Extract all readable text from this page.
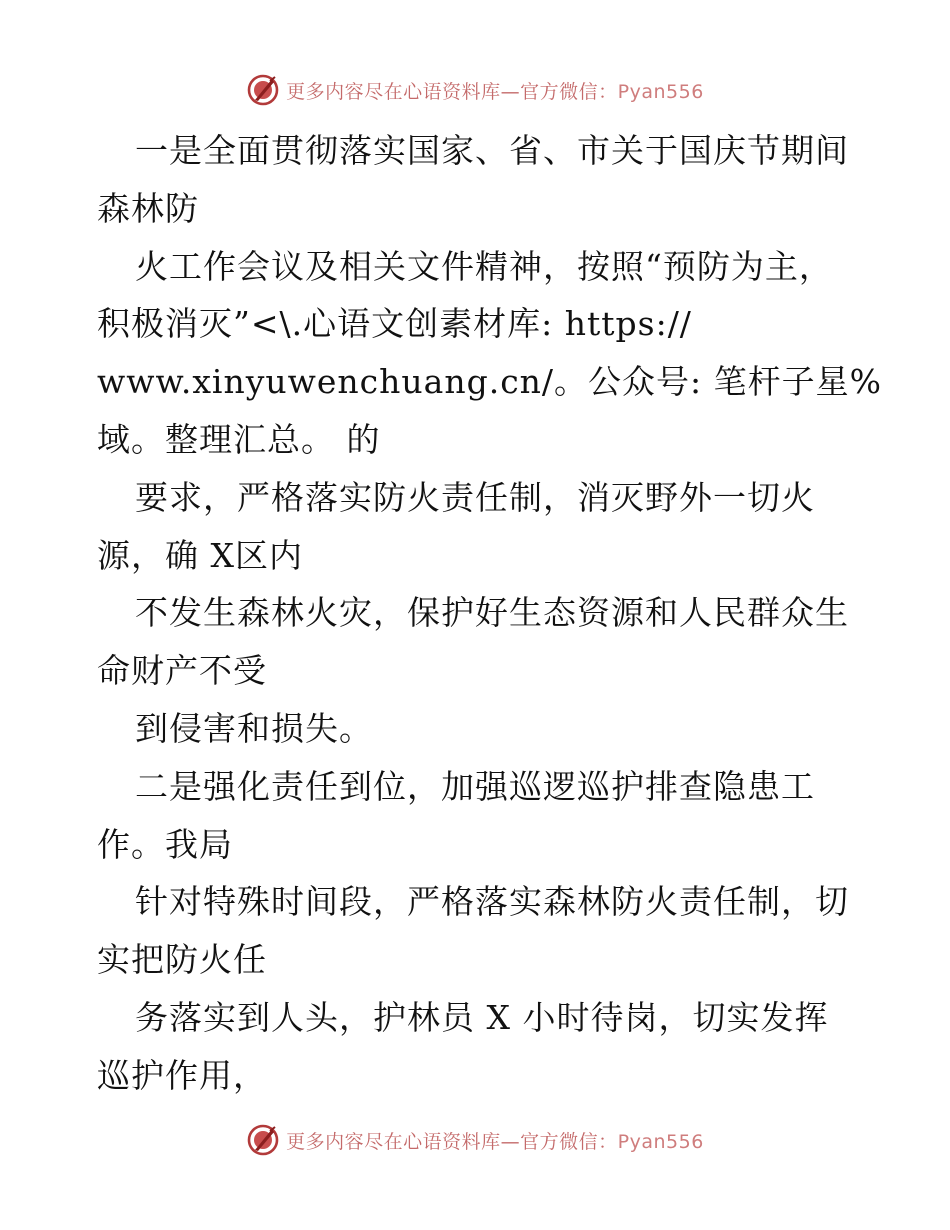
更多内容尽在心语资料库—官方微信：Pyan556
一是全面贯彻落实国家、省、市关于国庆节期间
森林防
火工作会议及相关文件精神，按照“预防为主，
积极消灭”<\.心语文创素材库: https://
www.xinyuwenchuang.cn/。公众号: 笔杆子星%
域。整理汇总。 的
要求，严格落实防火责任制，消灭野外一切火
源，确 X区内
不发生森林火灾，保护好生态资源和人民群众生
命财产不受
到侵害和损失。
二是强化责任到位，加强巡逻巡护排查隐患工
作。我局
针对特殊时间段，严格落实森林防火责任制，切
实把防火任
务落实到人头，护林员 X 小时待岗，切实发挥
巡护作用，
更多内容尽在心语资料库—官方微信：Pyan556
